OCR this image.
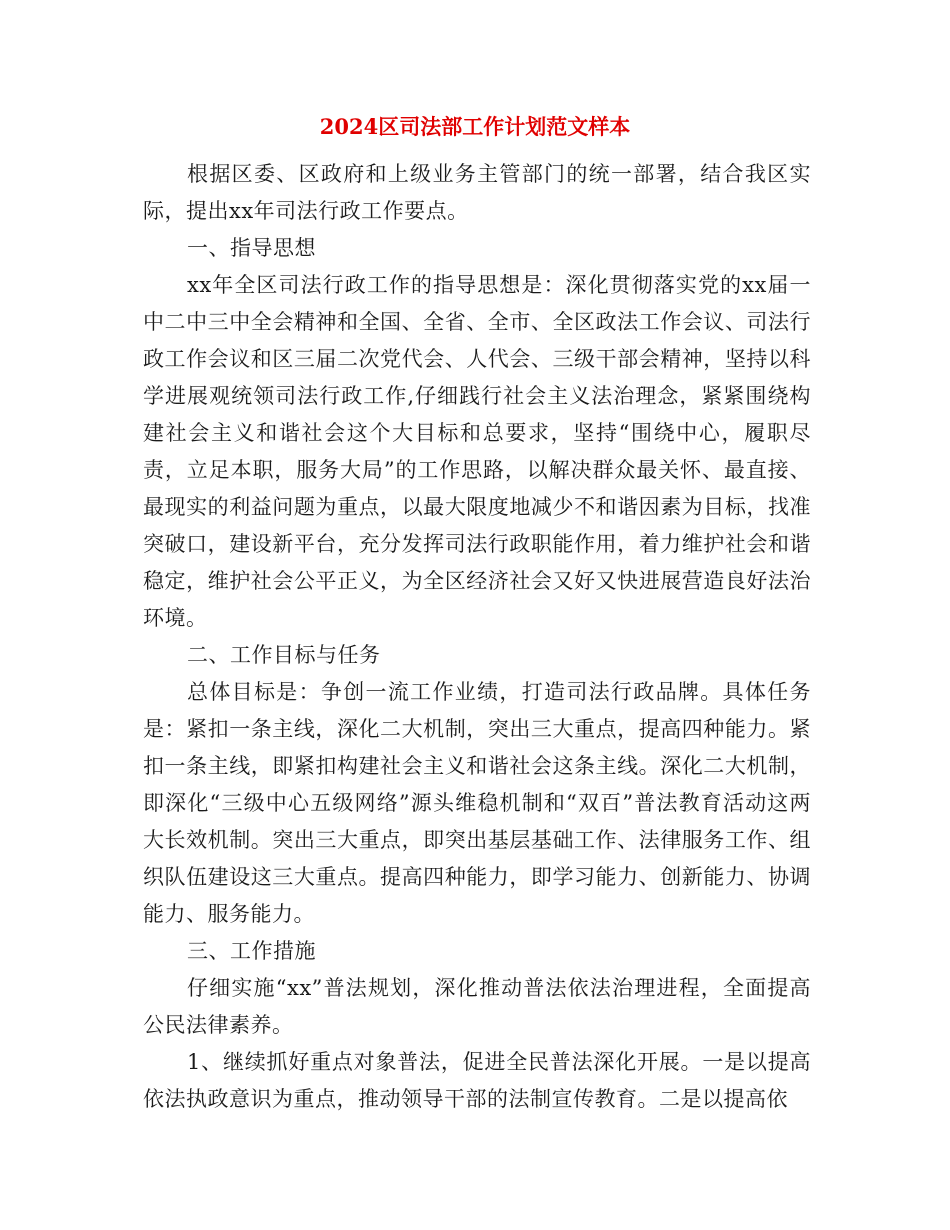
2024区司法部工作计划范文样本

根据区委、区政府和上级业务主管部门的统一部署，结合我区实际，提出xx年司法行政工作要点。

一、指导思想

xx年全区司法行政工作的指导思想是：深化贯彻落实党的xx届一中二中三中全会精神和全国、全省、全市、全区政法工作会议、司法行政工作会议和区三届二次党代会、人代会、三级干部会精神，坚持以科学进展观统领司法行政工作,仔细践行社会主义法治理念，紧紧围绕构建社会主义和谐社会这个大目标和总要求，坚持“围绕中心，履职尽责，立足本职，服务大局”的工作思路，以解决群众最关怀、最直接、最现实的利益问题为重点，以最大限度地减少不和谐因素为目标，找准突破口，建设新平台，充分发挥司法行政职能作用，着力维护社会和谐稳定，维护社会公平正义，为全区经济社会又好又快进展营造良好法治环境。

二、工作目标与任务

总体目标是：争创一流工作业绩，打造司法行政品牌。具体任务是：紧扣一条主线，深化二大机制，突出三大重点，提高四种能力。紧扣一条主线，即紧扣构建社会主义和谐社会这条主线。深化二大机制，即深化“三级中心五级网络”源头维稳机制和“双百”普法教育活动这两大长效机制。突出三大重点，即突出基层基础工作、法律服务工作、组织队伍建设这三大重点。提高四种能力，即学习能力、创新能力、协调能力、服务能力。

三、工作措施

仔细实施“xx”普法规划，深化推动普法依法治理进程，全面提高公民法律素养。

1、继续抓好重点对象普法，促进全民普法深化开展。一是以提高依法执政意识为重点，推动领导干部的法制宣传教育。二是以提高依
